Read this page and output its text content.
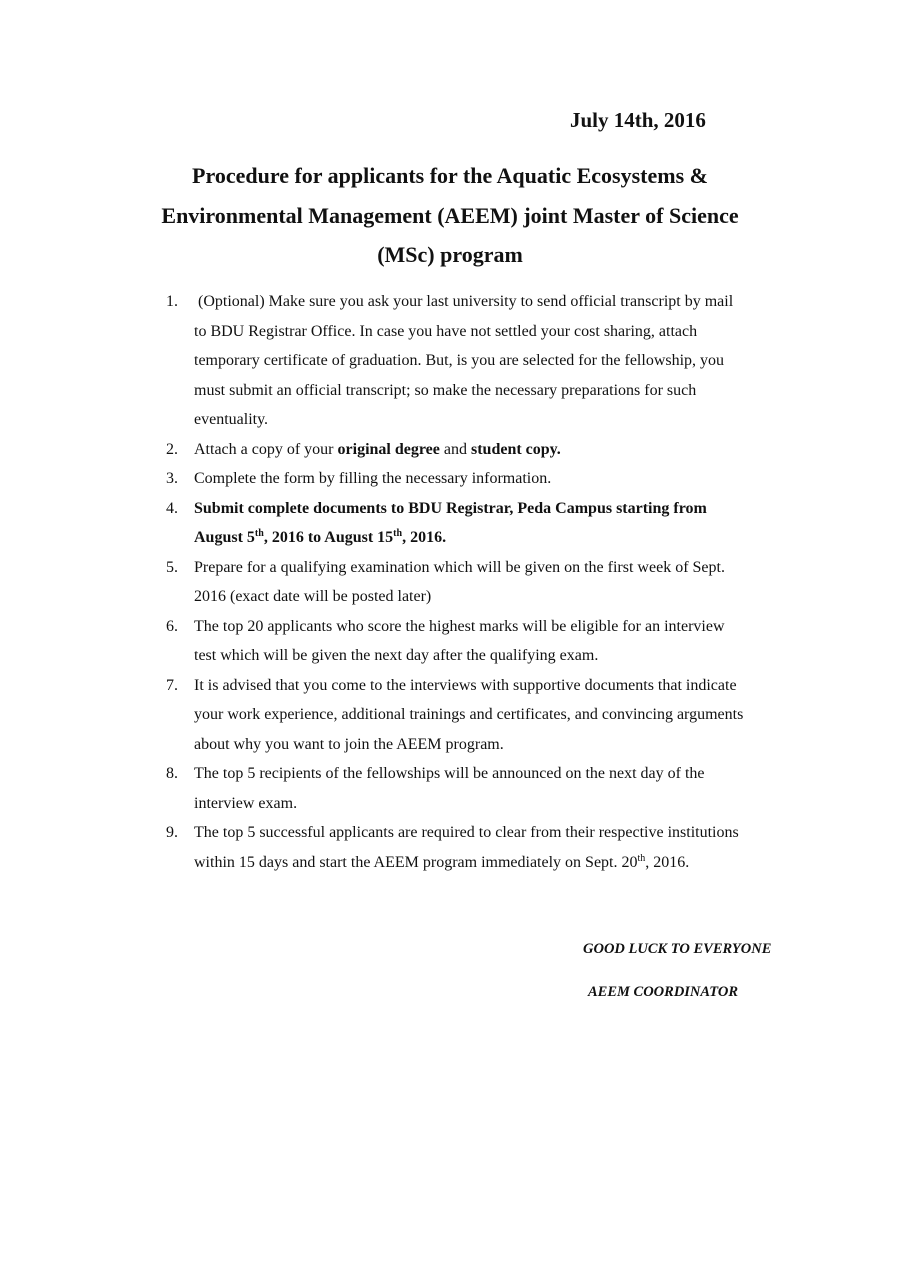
July 14th, 2016
Procedure for applicants for the Aquatic Ecosystems &
Environmental Management (AEEM) joint Master of Science
(MSc) program
1. (Optional) Make sure you ask your last university to send official transcript by mail
to BDU Registrar Office. In case you have not settled your cost sharing, attach
temporary certificate of graduation. But, is you are selected for the fellowship, you
must submit an official transcript; so make the necessary preparations for such
eventuality.
2. Attach a copy of your original degree and student copy.
3. Complete the form by filling the necessary information.
4. Submit complete documents to BDU Registrar, Peda Campus starting from
August 5th, 2016 to August 15th, 2016.
5. Prepare for a qualifying examination which will be given on the first week of Sept.
2016 (exact date will be posted later)
6. The top 20 applicants who score the highest marks will be eligible for an interview
test which will be given the next day after the qualifying exam.
7. It is advised that you come to the interviews with supportive documents that indicate
your work experience, additional trainings and certificates, and convincing arguments
about why you want to join the AEEM program.
8. The top 5 recipients of the fellowships will be announced on the next day of the
interview exam.
9. The top 5 successful applicants are required to clear from their respective institutions
within 15 days and start the AEEM program immediately on Sept. 20th, 2016.
GOOD LUCK TO EVERYONE
AEEM COORDINATOR
